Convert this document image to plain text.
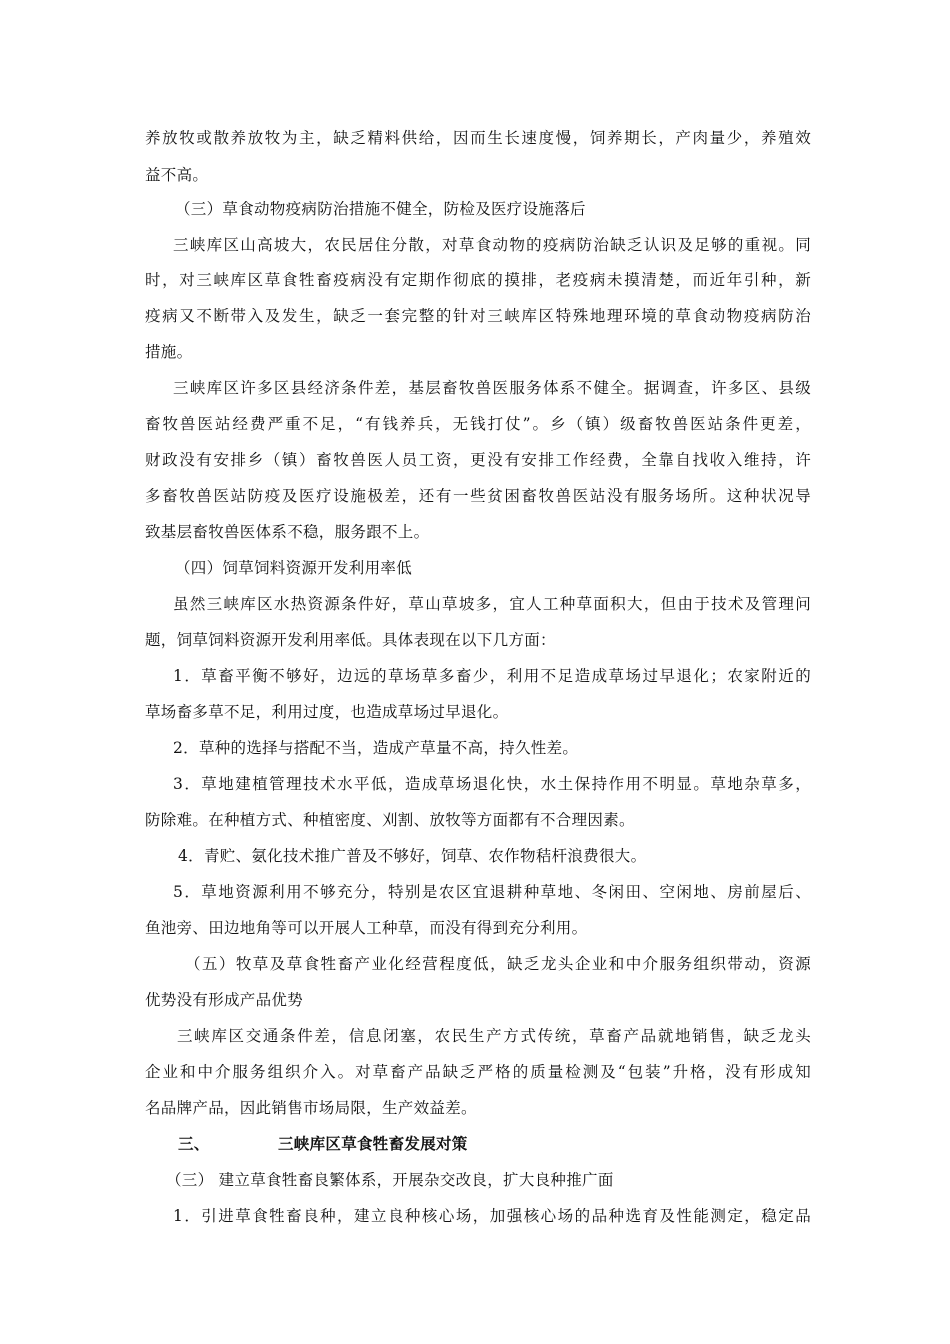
养放牧或散养放牧为主，缺乏精料供给，因而生长速度慢，饲养期长，产肉量少，养殖效
益不高。
（三）草食动物疫病防治措施不健全，防检及医疗设施落后
三峡库区山高坡大，农民居住分散，对草食动物的疫病防治缺乏认识及足够的重视。同
时，对三峡库区草食牲畜疫病没有定期作彻底的摸排，老疫病未摸清楚，而近年引种，新
疫病又不断带入及发生，缺乏一套完整的针对三峡库区特殊地理环境的草食动物疫病防治
措施。
三峡库区许多区县经济条件差，基层畜牧兽医服务体系不健全。据调查，许多区、县级
畜牧兽医站经费严重不足，“有钱养兵，无钱打仗”。乡（镇）级畜牧兽医站条件更差，
财政没有安排乡（镇）畜牧兽医人员工资，更没有安排工作经费，全靠自找收入维持，许
多畜牧兽医站防疫及医疗设施极差，还有一些贫困畜牧兽医站没有服务场所。这种状况导
致基层畜牧兽医体系不稳，服务跟不上。
（四）饲草饲料资源开发利用率低
虽然三峡库区水热资源条件好，草山草坡多，宜人工种草面积大，但由于技术及管理问
题，饲草饲料资源开发利用率低。具体表现在以下几方面：
1．草畜平衡不够好，边远的草场草多畜少，利用不足造成草场过早退化；农家附近的
草场畜多草不足，利用过度，也造成草场过早退化。
2．草种的选择与搭配不当，造成产草量不高，持久性差。
3．草地建植管理技术水平低，造成草场退化快，水土保持作用不明显。草地杂草多，
防除难。在种植方式、种植密度、刈割、放牧等方面都有不合理因素。
4．青贮、氨化技术推广普及不够好，饲草、农作物秸杆浪费很大。
5．草地资源利用不够充分，特别是农区宜退耕种草地、冬闲田、空闲地、房前屋后、
鱼池旁、田边地角等可以开展人工种草，而没有得到充分利用。
（五）牧草及草食牲畜产业化经营程度低，缺乏龙头企业和中介服务组织带动，资源
优势没有形成产品优势
三峡库区交通条件差，信息闭塞，农民生产方式传统，草畜产品就地销售，缺乏龙头
企业和中介服务组织介入。对草畜产品缺乏严格的质量检测及“包装”升格，没有形成知
名品牌产品，因此销售市场局限，生产效益差。
三、	三峡库区草食牲畜发展对策
（三） 建立草食牲畜良繁体系，开展杂交改良，扩大良种推广面
1．引进草食牲畜良种，建立良种核心场，加强核心场的品种选育及性能测定，稳定品
